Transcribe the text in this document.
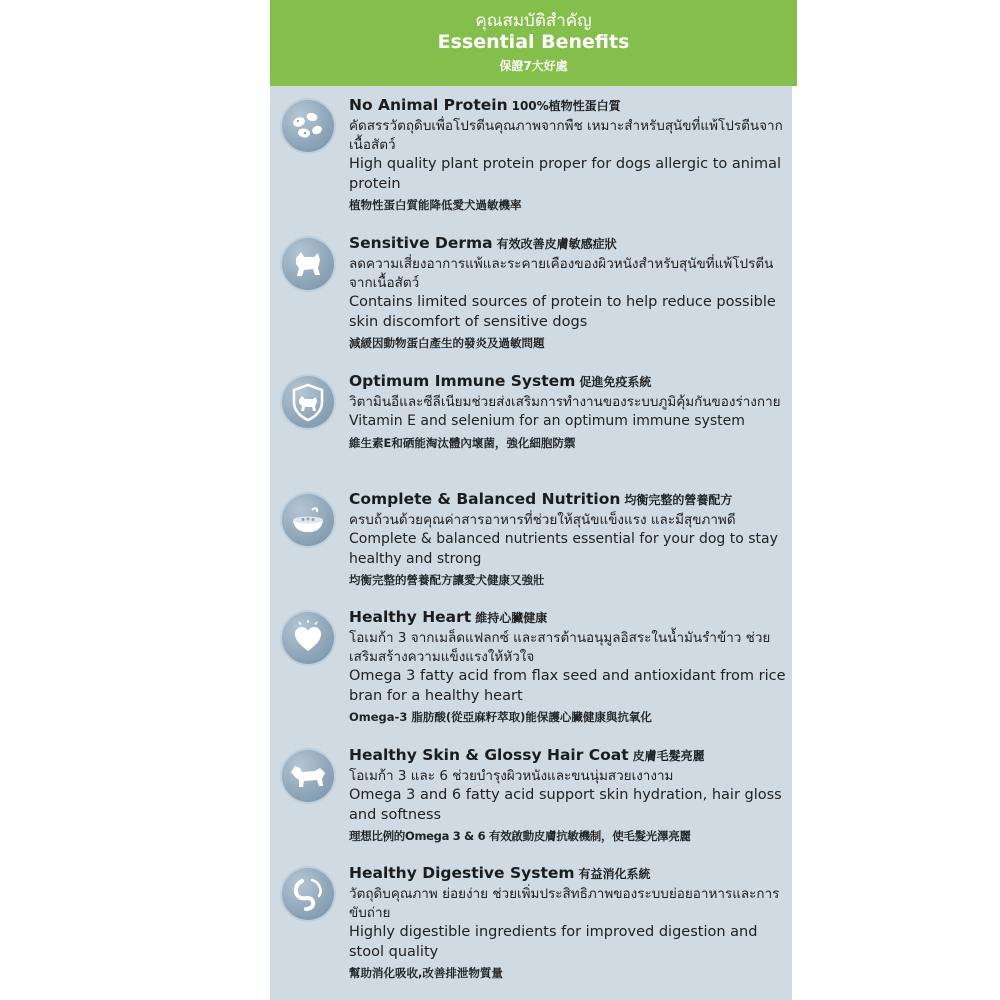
คุณสมบัติสำคัญ
Essential Benefits
保證7大好處
No Animal Protein 100%植物性蛋白質
คัดสรรวัตถุดิบเพื่อโปรตีนคุณภาพจากพืช เหมาะสำหรับสุนัขที่แพ้โปรตีนจากเนื้อสัตว์
High quality plant protein proper for dogs allergic to animal protein
植物性蛋白質能降低愛犬過敏機率
Sensitive Derma 有效改善皮膚敏感症狀
ลดความเสี่ยงอาการแพ้และระคายเคืองของผิวหนังสำหรับสุนัขที่แพ้โปรตีนจากเนื้อสัตว์
Contains limited sources of protein to help reduce possible skin discomfort of sensitive dogs
減緩因動物蛋白產生的發炎及過敏問題
Optimum Immune System 促進免疫系統
วิตามินอีและซีลีเนียมช่วยส่งเสริมการทำงานของระบบภูมิคุ้มกันของร่างกาย
Vitamin E and selenium for an optimum immune system
維生素E和硒能淘汰體內壞菌，強化細胞防禦
Complete & Balanced Nutrition 均衡完整的營養配方
ครบถ้วนด้วยคุณค่าสารอาหารที่ช่วยให้สุนัขแข็งแรง และมีสุขภาพดี
Complete & balanced nutrients essential for your dog to stay healthy and strong
均衡完整的營養配方讓愛犬健康又強壯
Healthy Heart 維持心臟健康
โอเมก้า 3 จากเมล็ดแฟลกซ์ และสารต้านอนุมูลอิสระในน้ำมันรำข้าว ช่วยเสริมสร้างความแข็งแรงให้หัวใจ
Omega 3 fatty acid from flax seed and antioxidant from rice bran for a healthy heart
Omega-3 脂肪酸(從亞麻籽萃取)能保護心臟健康與抗氧化
Healthy Skin & Glossy Hair Coat 皮膚毛髮亮麗
โอเมก้า 3 และ 6 ช่วยบำรุงผิวหนังและขนนุ่มสวยเงางาม
Omega 3 and 6 fatty acid support skin hydration, hair gloss and softness
理想比例的Omega 3 & 6 有效啟動皮膚抗敏機制，使毛髮光澤亮麗
Healthy Digestive System 有益消化系統
วัตถุดิบคุณภาพ ย่อยง่าย ช่วยเพิ่มประสิทธิภาพของระบบย่อยอาหารและการขับถ่าย
Highly digestible ingredients for improved digestion and stool quality
幫助消化吸收,改善排泄物質量
